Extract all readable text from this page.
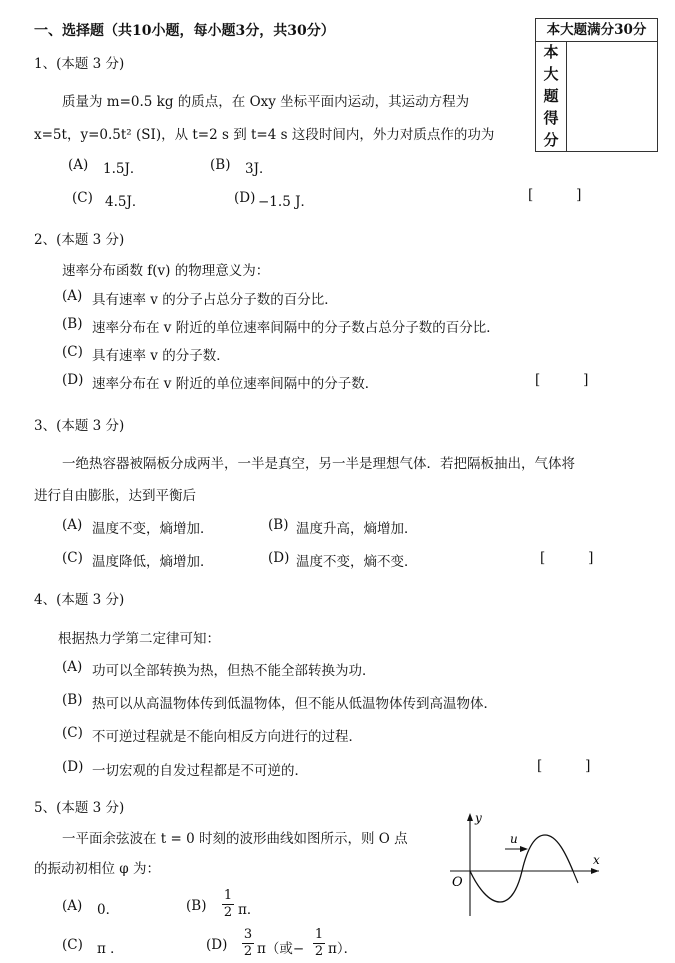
一、选择题（共10小题，每小题3分，共30分）	本大题满分30分
本
大
题
得
分
1、(本题 3 分)
质量为 m=0.5 kg 的质点，在 Oxy 坐标平面内运动，其运动方程为
x=5t，y=0.5t² (SI)，从 t=2 s 到 t=4 s 这段时间内，外力对质点作的功为
(A) 1.5J．	(B) 3J．
(C) 4.5J．	(D) −1.5 J．	[          ]
2、(本题 3 分)
速率分布函数 f(v) 的物理意义为：
(A) 具有速率 v 的分子占总分子数的百分比．
(B) 速率分布在 v 附近的单位速率间隔中的分子数占总分子数的百分比．
(C) 具有速率 v 的分子数．
(D) 速率分布在 v 附近的单位速率间隔中的分子数．	[          ]
3、(本题 3 分)
一绝热容器被隔板分成两半，一半是真空，另一半是理想气体．若把隔板抽出，气体将
进行自由膨胀，达到平衡后
(A) 温度不变，熵增加．	(B) 温度升高，熵增加．
(C) 温度降低，熵增加．	(D) 温度不变，熵不变．	[          ]
4、(本题 3 分)
根据热力学第二定律可知：
(A) 功可以全部转换为热，但热不能全部转换为功．
(B) 热可以从高温物体传到低温物体，但不能从低温物体传到高温物体．
(C) 不可逆过程就是不能向相反方向进行的过程．
(D) 一切宏观的自发过程都是不可逆的．	[          ]
5、(本题 3 分)
一平面余弦波在 t = 0 时刻的波形曲线如图所示，则 O 点
的振动初相位 φ 为：
(A) 0．	(B)
1
2 π．
(C) π ．	(D)
3
2 π（或−
1
2 π）．
y
x
u
O
